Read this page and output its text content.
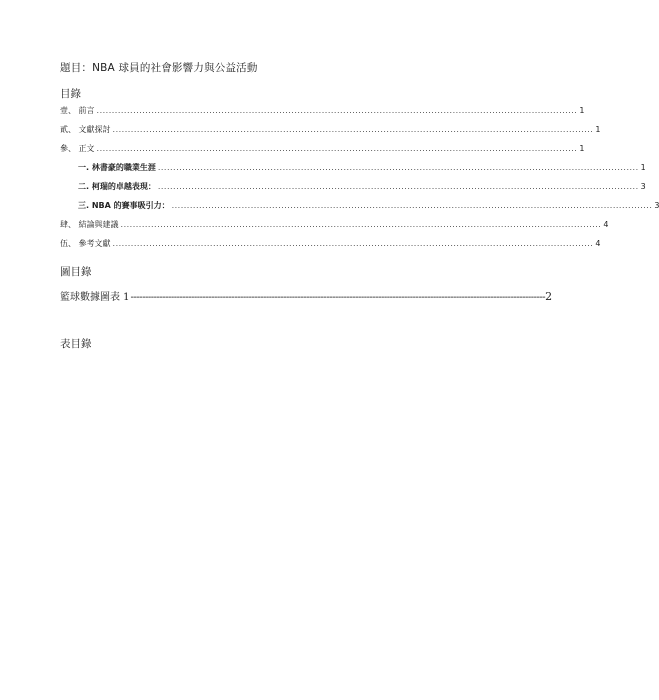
題目：NBA 球員的社會影響力與公益活動
目錄
壹、 前言 .............................................................................................................................................................. 1
貳、 文獻探討 .............................................................................................................................................................. 1
參、 正文 .............................................................................................................................................................. 1
一. 林書豪的職業生涯 .............................................................................................................................................................. 1
二. 柯瑞的卓越表現： .............................................................................................................................................................. 3
三. NBA 的賽事吸引力： .............................................................................................................................................................. 3
肆、 結論與建議 .............................................................................................................................................................. 4
伍、 參考文獻 .............................................................................................................................................................. 4
圖目錄
籃球數據圖表 1 ------------------------------------------------------------------------------------------------------------------------------------------------ 2
表目錄
